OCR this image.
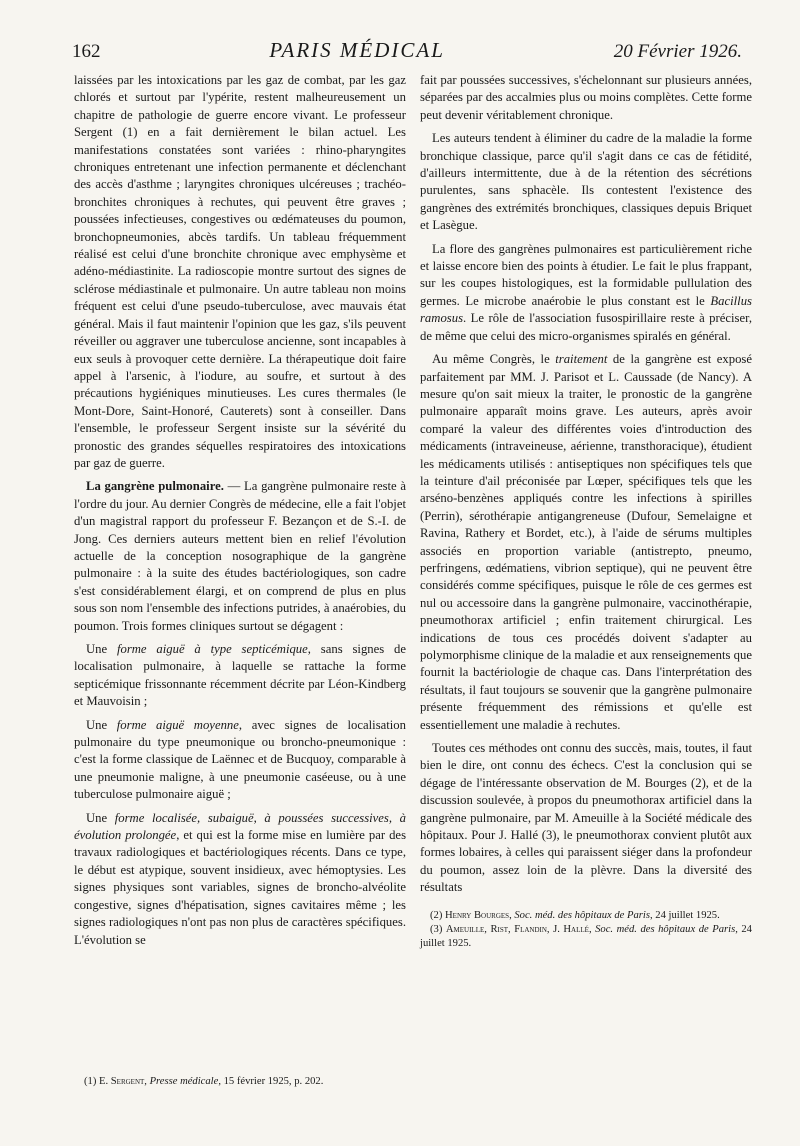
162	PARIS MÉDICAL	20 Février 1926.

laissées par les intoxications par les gaz de combat, par les gaz chlorés et surtout par l'ypérite, restent malheureusement un chapitre de pathologie de guerre encore vivant. Le professeur Sergent (1) en a fait dernièrement le bilan actuel. Les manifestations constatées sont variées : rhino-pharyngites chroniques entretenant une infection permanente et déclenchant des accès d'asthme ; laryngites chroniques ulcéreuses ; trachéo-bronchites chroniques à rechutes, qui peuvent être graves ; poussées infectieuses, congestives ou œdémateuses du poumon, bronchopneumonies, abcès tardifs. Un tableau fréquemment réalisé est celui d'une bronchite chronique avec emphysème et adéno-médiastinite. La radioscopie montre surtout des signes de sclérose médiastinale et pulmonaire. Un autre tableau non moins fréquent est celui d'une pseudo-tuberculose, avec mauvais état général. Mais il faut maintenir l'opinion que les gaz, s'ils peuvent réveiller ou aggraver une tuberculose ancienne, sont incapables à eux seuls à provoquer cette dernière. La thérapeutique doit faire appel à l'arsenic, à l'iodure, au soufre, et surtout à des précautions hygiéniques minutieuses. Les cures thermales (le Mont-Dore, Saint-Honoré, Cauterets) sont à conseiller. Dans l'ensemble, le professeur Sergent insiste sur la sévérité du pronostic des grandes séquelles respiratoires des intoxications par gaz de guerre.

La gangrène pulmonaire. — La gangrène pulmonaire reste à l'ordre du jour. Au dernier Congrès de médecine, elle a fait l'objet d'un magistral rapport du professeur F. Bezançon et de S.-I. de Jong. Ces derniers auteurs mettent bien en relief l'évolution actuelle de la conception nosographique de la gangrène pulmonaire : à la suite des études bactériologiques, son cadre s'est considérablement élargi, et on comprend de plus en plus sous son nom l'ensemble des infections putrides, à anaérobies, du poumon. Trois formes cliniques surtout se dégagent :

Une forme aiguë à type septicémique, sans signes de localisation pulmonaire, à laquelle se rattache la forme septicémique frissonnante récemment décrite par Léon-Kindberg et Mauvoisin ;

Une forme aiguë moyenne, avec signes de localisation pulmonaire du type pneumonique ou broncho-pneumonique : c'est la forme classique de Laënnec et de Bucquoy, comparable à une pneumonie maligne, à une pneumonie caséeuse, ou à une tuberculose pulmonaire aiguë ;

Une forme localisée, subaiguë, à poussées successives, à évolution prolongée, et qui est la forme mise en lumière par des travaux radiologiques et bactériologiques récents. Dans ce type, le début est atypique, souvent insidieux, avec hémoptysies. Les signes physiques sont variables, signes de broncho-alvéolite congestive, signes d'hépatisation, signes cavitaires même ; les signes radiologiques n'ont pas non plus de caractères spécifiques. L'évolution se

(1) E. Sergent, Presse médicale, 15 février 1925, p. 202.

fait par poussées successives, s'échelonnant sur plusieurs années, séparées par des accalmies plus ou moins complètes. Cette forme peut devenir véritablement chronique.

Les auteurs tendent à éliminer du cadre de la maladie la forme bronchique classique, parce qu'il s'agit dans ce cas de fétidité, d'ailleurs intermittente, due à de la rétention des sécrétions purulentes, sans sphacèle. Ils contestent l'existence des gangrènes des extrémités bronchiques, classiques depuis Briquet et Lasègue.

La flore des gangrènes pulmonaires est particulièrement riche et laisse encore bien des points à étudier. Le fait le plus frappant, sur les coupes histologiques, est la formidable pullulation des germes. Le microbe anaérobie le plus constant est le Bacillus ramosus. Le rôle de l'association fusospirillaire reste à préciser, de même que celui des micro-organismes spiralés en général.

Au même Congrès, le traitement de la gangrène est exposé parfaitement par MM. J. Parisot et L. Caussade (de Nancy). A mesure qu'on sait mieux la traiter, le pronostic de la gangrène pulmonaire apparaît moins grave. Les auteurs, après avoir comparé la valeur des différentes voies d'introduction des médicaments (intraveineuse, aérienne, transthoracique), étudient les médicaments utilisés : antiseptiques non spécifiques tels que la teinture d'ail préconisée par Lœper, spécifiques tels que les arséno-benzènes appliqués contre les infections à spirilles (Perrin), sérothérapie antigangreneuse (Dufour, Semelaigne et Ravina, Rathery et Bordet, etc.), à l'aide de sérums multiples associés en proportion variable (antistrepto, pneumo, perfringens, œdématiens, vibrion septique), qui ne peuvent être considérés comme spécifiques, puisque le rôle de ces germes est nul ou accessoire dans la gangrène pulmonaire, vaccinothérapie, pneumothorax artificiel ; enfin traitement chirurgical. Les indications de tous ces procédés doivent s'adapter au polymorphisme clinique de la maladie et aux renseignements que fournit la bactériologie de chaque cas. Dans l'interprétation des résultats, il faut toujours se souvenir que la gangrène pulmonaire présente fréquemment des rémissions et qu'elle est essentiellement une maladie à rechutes.

Toutes ces méthodes ont connu des succès, mais, toutes, il faut bien le dire, ont connu des échecs. C'est la conclusion qui se dégage de l'intéressante observation de M. Bourges (2), et de la discussion soulevée, à propos du pneumothorax artificiel dans la gangrène pulmonaire, par M. Ameuille à la Société médicale des hôpitaux. Pour J. Hallé (3), le pneumothorax convient plutôt aux formes lobaires, à celles qui paraissent siéger dans la profondeur du poumon, assez loin de la plèvre. Dans la diversité des résultats

(2) Henry Bourges, Soc. méd. des hôpitaux de Paris, 24 juillet 1925.
(3) Ameuille, Rist, Flandin, J. Hallé, Soc. méd. des hôpitaux de Paris, 24 juillet 1925.
